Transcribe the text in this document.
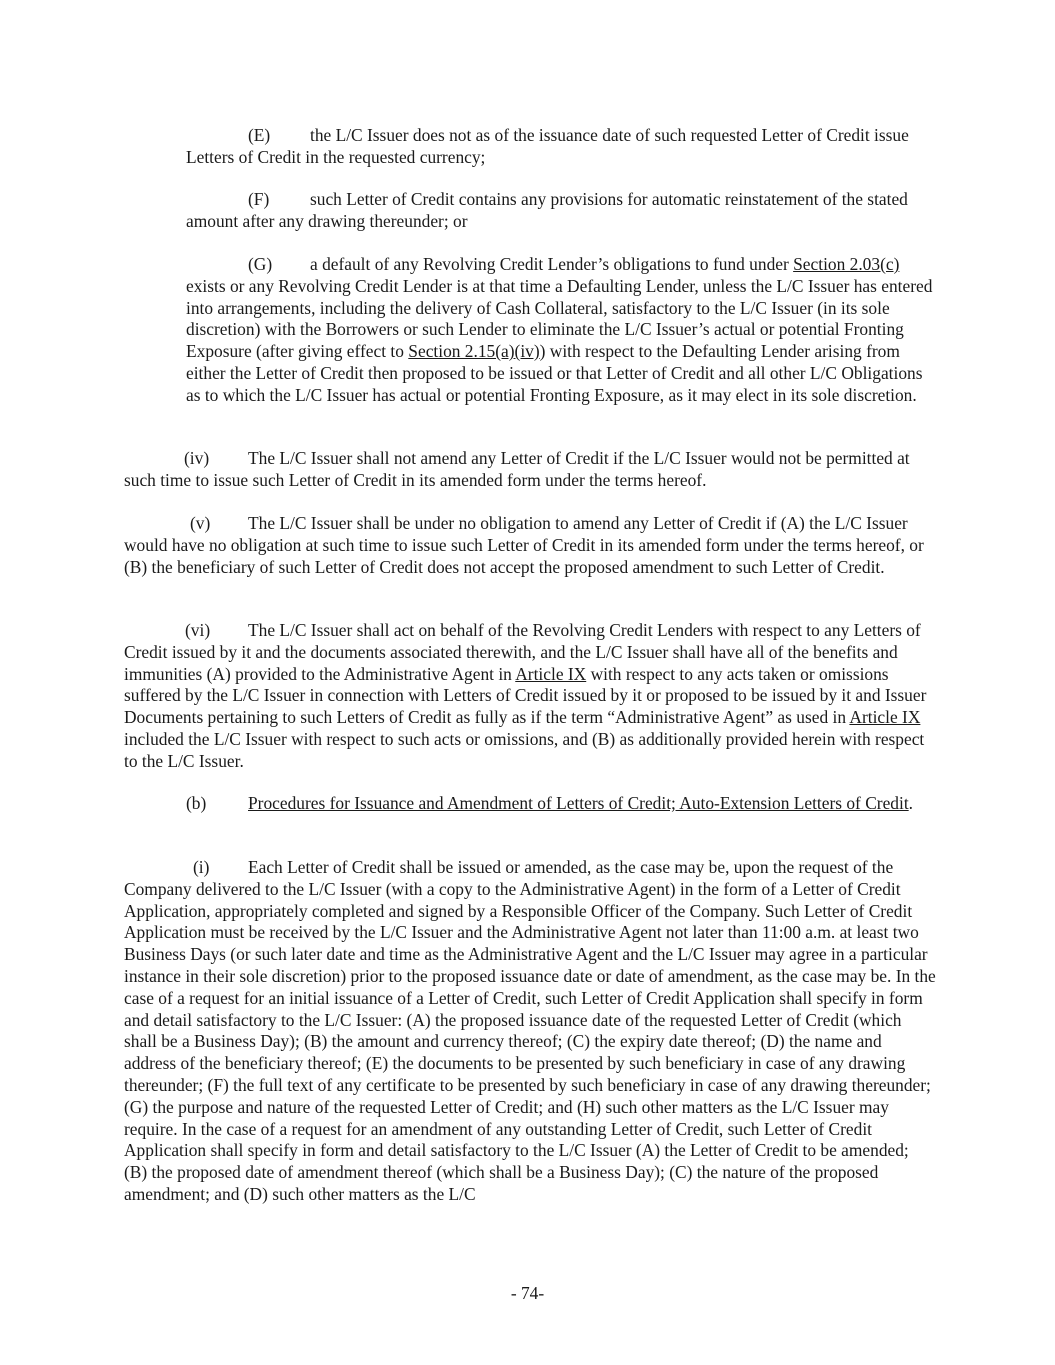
(E) the L/C Issuer does not as of the issuance date of such requested Letter of Credit issue Letters of Credit in the requested currency;

(F) such Letter of Credit contains any provisions for automatic reinstatement of the stated amount after any drawing thereunder; or

(G) a default of any Revolving Credit Lender’s obligations to fund under Section 2.03(c) exists or any Revolving Credit Lender is at that time a Defaulting Lender, unless the L/C Issuer has entered into arrangements, including the delivery of Cash Collateral, satisfactory to the L/C Issuer (in its sole discretion) with the Borrowers or such Lender to eliminate the L/C Issuer’s actual or potential Fronting Exposure (after giving effect to Section 2.15(a)(iv)) with respect to the Defaulting Lender arising from either the Letter of Credit then proposed to be issued or that Letter of Credit and all other L/C Obligations as to which the L/C Issuer has actual or potential Fronting Exposure, as it may elect in its sole discretion.

(iv) The L/C Issuer shall not amend any Letter of Credit if the L/C Issuer would not be permitted at such time to issue such Letter of Credit in its amended form under the terms hereof.

(v) The L/C Issuer shall be under no obligation to amend any Letter of Credit if (A) the L/C Issuer would have no obligation at such time to issue such Letter of Credit in its amended form under the terms hereof, or (B) the beneficiary of such Letter of Credit does not accept the proposed amendment to such Letter of Credit.

(vi) The L/C Issuer shall act on behalf of the Revolving Credit Lenders with respect to any Letters of Credit issued by it and the documents associated therewith, and the L/C Issuer shall have all of the benefits and immunities (A) provided to the Administrative Agent in Article IX with respect to any acts taken or omissions suffered by the L/C Issuer in connection with Letters of Credit issued by it or proposed to be issued by it and Issuer Documents pertaining to such Letters of Credit as fully as if the term “Administrative Agent” as used in Article IX included the L/C Issuer with respect to such acts or omissions, and (B) as additionally provided herein with respect to the L/C Issuer.

(b) Procedures for Issuance and Amendment of Letters of Credit; Auto-Extension Letters of Credit.

(i) Each Letter of Credit shall be issued or amended, as the case may be, upon the request of the Company delivered to the L/C Issuer (with a copy to the Administrative Agent) in the form of a Letter of Credit Application, appropriately completed and signed by a Responsible Officer of the Company. Such Letter of Credit Application must be received by the L/C Issuer and the Administrative Agent not later than 11:00 a.m. at least two Business Days (or such later date and time as the Administrative Agent and the L/C Issuer may agree in a particular instance in their sole discretion) prior to the proposed issuance date or date of amendment, as the case may be. In the case of a request for an initial issuance of a Letter of Credit, such Letter of Credit Application shall specify in form and detail satisfactory to the L/C Issuer: (A) the proposed issuance date of the requested Letter of Credit (which shall be a Business Day); (B) the amount and currency thereof; (C) the expiry date thereof; (D) the name and address of the beneficiary thereof; (E) the documents to be presented by such beneficiary in case of any drawing thereunder; (F) the full text of any certificate to be presented by such beneficiary in case of any drawing thereunder; (G) the purpose and nature of the requested Letter of Credit; and (H) such other matters as the L/C Issuer may require. In the case of a request for an amendment of any outstanding Letter of Credit, such Letter of Credit Application shall specify in form and detail satisfactory to the L/C Issuer (A) the Letter of Credit to be amended; (B) the proposed date of amendment thereof (which shall be a Business Day); (C) the nature of the proposed amendment; and (D) such other matters as the L/C

- 74-
